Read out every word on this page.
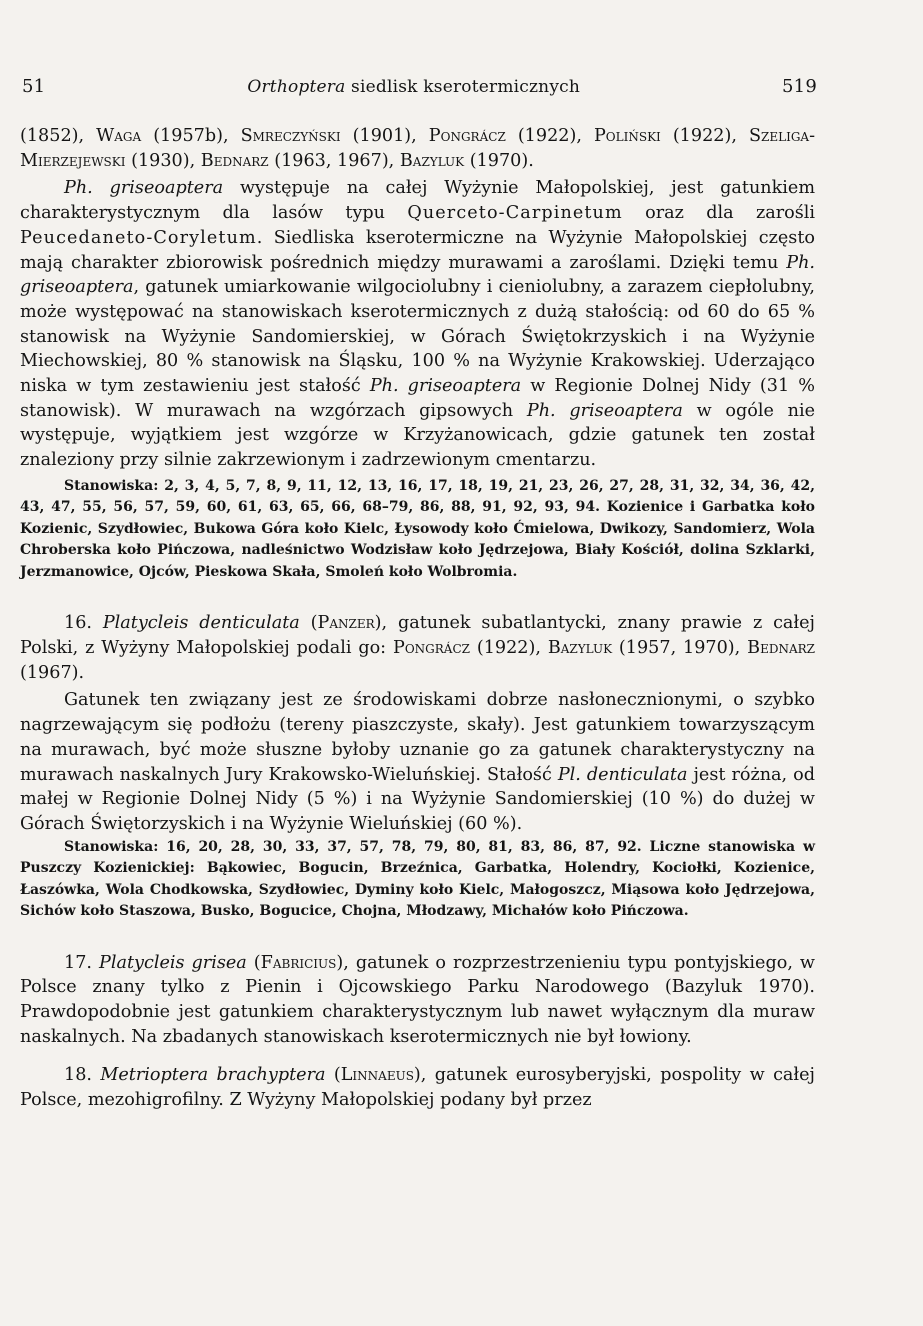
51	Orthoptera siedlisk kserotermicznych	519

(1852), Waga (1957b), Smreczyński (1901), Pongrácz (1922), Poliński (1922), Szeliga-Mierzejewski (1930), Bednarz (1963, 1967), Bazyluk (1970).

Ph. griseoaptera występuje na całej Wyżynie Małopolskiej, jest gatunkiem charakterystycznym dla lasów typu Querceto-Carpinetum oraz dla zarośli Peucedaneto-Coryletum. Siedliska kserotermiczne na Wyżynie Małopolskiej często mają charakter zbiorowisk pośrednich między murawami a zaroślami. Dzięki temu Ph. griseoaptera, gatunek umiarkowanie wilgociolubny i cieniolubny, a zarazem ciepłolubny, może występować na stanowiskach kserotermicznych z dużą stałością: od 60 do 65 % stanowisk na Wyżynie Sandomierskiej, w Górach Świętokrzyskich i na Wyżynie Miechowskiej, 80 % stanowisk na Śląsku, 100 % na Wyżynie Krakowskiej. Uderzająco niska w tym zestawieniu jest stałość Ph. griseoaptera w Regionie Dolnej Nidy (31 % stanowisk). W murawach na wzgórzach gipsowych Ph. griseoaptera w ogóle nie występuje, wyjątkiem jest wzgórze w Krzyżanowicach, gdzie gatunek ten został znaleziony przy silnie zakrzewionym i zadrzewionym cmentarzu.

Stanowiska: 2, 3, 4, 5, 7, 8, 9, 11, 12, 13, 16, 17, 18, 19, 21, 23, 26, 27, 28, 31, 32, 34, 36, 42, 43, 47, 55, 56, 57, 59, 60, 61, 63, 65, 66, 68–79, 86, 88, 91, 92, 93, 94. Kozienice i Garbatka koło Kozienic, Szydłowiec, Bukowa Góra koło Kielc, Łysowody koło Ćmielowa, Dwikozy, Sandomierz, Wola Chroberska koło Pińczowa, nadleśnictwo Wodzisław koło Jędrzejowa, Biały Kościół, dolina Szklarki, Jerzmanowice, Ojców, Pieskowa Skała, Smoleń koło Wolbromia.

16. Platycleis denticulata (Panzer), gatunek subatlantycki, znany prawie z całej Polski, z Wyżyny Małopolskiej podali go: Pongrácz (1922), Bazyluk (1957, 1970), Bednarz (1967).

Gatunek ten związany jest ze środowiskami dobrze nasłonecznionymi, o szybko nagrzewającym się podłożu (tereny piaszczyste, skały). Jest gatunkiem towarzyszącym na murawach, być może słuszne byłoby uznanie go za gatunek charakterystyczny na murawach naskalnych Jury Krakowsko-Wieluńskiej. Stałość Pl. denticulata jest różna, od małej w Regionie Dolnej Nidy (5 %) i na Wyżynie Sandomierskiej (10 %) do dużej w Górach Świętorzyskich i na Wyżynie Wieluńskiej (60 %).

Stanowiska: 16, 20, 28, 30, 33, 37, 57, 78, 79, 80, 81, 83, 86, 87, 92. Liczne stanowiska w Puszczy Kozienickiej: Bąkowiec, Bogucin, Brzeźnica, Garbatka, Holendry, Kociołki, Kozienice, Łaszówka, Wola Chodkowska, Szydłowiec, Dyminy koło Kielc, Małogoszcz, Miąsowa koło Jędrzejowa, Sichów koło Staszowa, Busko, Bogucice, Chojna, Młodzawy, Michałów koło Pińczowa.

17. Platycleis grisea (Fabricius), gatunek o rozprzestrzenieniu typu pontyjskiego, w Polsce znany tylko z Pienin i Ojcowskiego Parku Narodowego (Bazyluk 1970). Prawdopodobnie jest gatunkiem charakterystycznym lub nawet wyłącznym dla muraw naskalnych. Na zbadanych stanowiskach kserotermicznych nie był łowiony.

18. Metrioptera brachyptera (Linnaeus), gatunek eurosyberyjski, pospolity w całej Polsce, mezohigrofilny. Z Wyżyny Małopolskiej podany był przez
